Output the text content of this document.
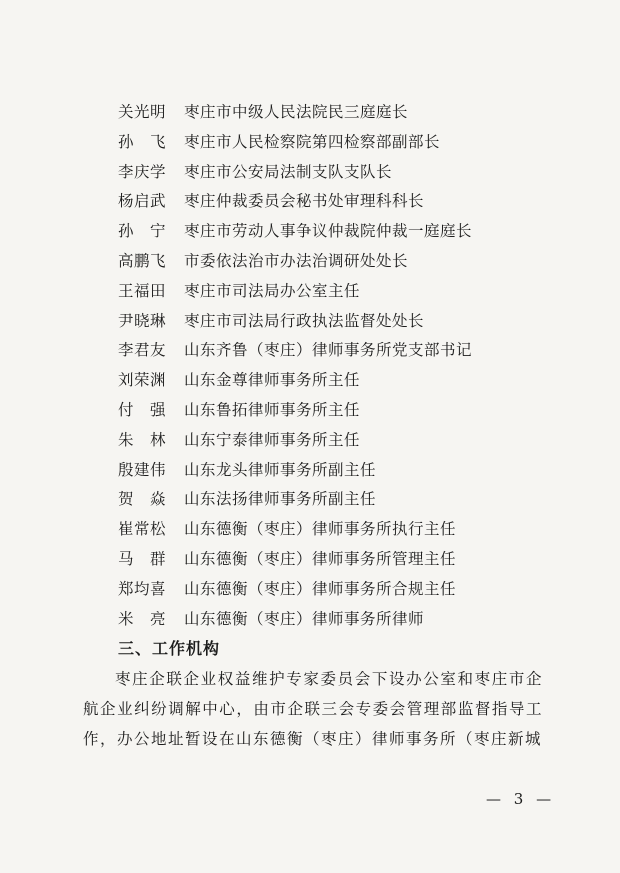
关光明 枣庄市中级人民法院民三庭庭长
孙　飞 枣庄市人民检察院第四检察部副部长
李庆学 枣庄市公安局法制支队支队长
杨启武 枣庄仲裁委员会秘书处审理科科长
孙　宁 枣庄市劳动人事争议仲裁院仲裁一庭庭长
高鹏飞 市委依法治市办法治调研处处长
王福田 枣庄市司法局办公室主任
尹晓琳 枣庄市司法局行政执法监督处处长
李君友 山东齐鲁（枣庄）律师事务所党支部书记
刘荣渊 山东金尊律师事务所主任
付　强 山东鲁拓律师事务所主任
朱　林 山东宁泰律师事务所主任
殷建伟 山东龙头律师事务所副主任
贺　焱 山东法扬律师事务所副主任
崔常松 山东德衡（枣庄）律师事务所执行主任
马　群 山东德衡（枣庄）律师事务所管理主任
郑均喜 山东德衡（枣庄）律师事务所合规主任
米　亮 山东德衡（枣庄）律师事务所律师
三、工作机构

枣庄企联企业权益维护专家委员会下设办公室和枣庄市企航企业纠纷调解中心，由市企联三会专委会管理部监督指导工作，办公地址暂设在山东德衡（枣庄）律师事务所（枣庄新城

— 3 —
